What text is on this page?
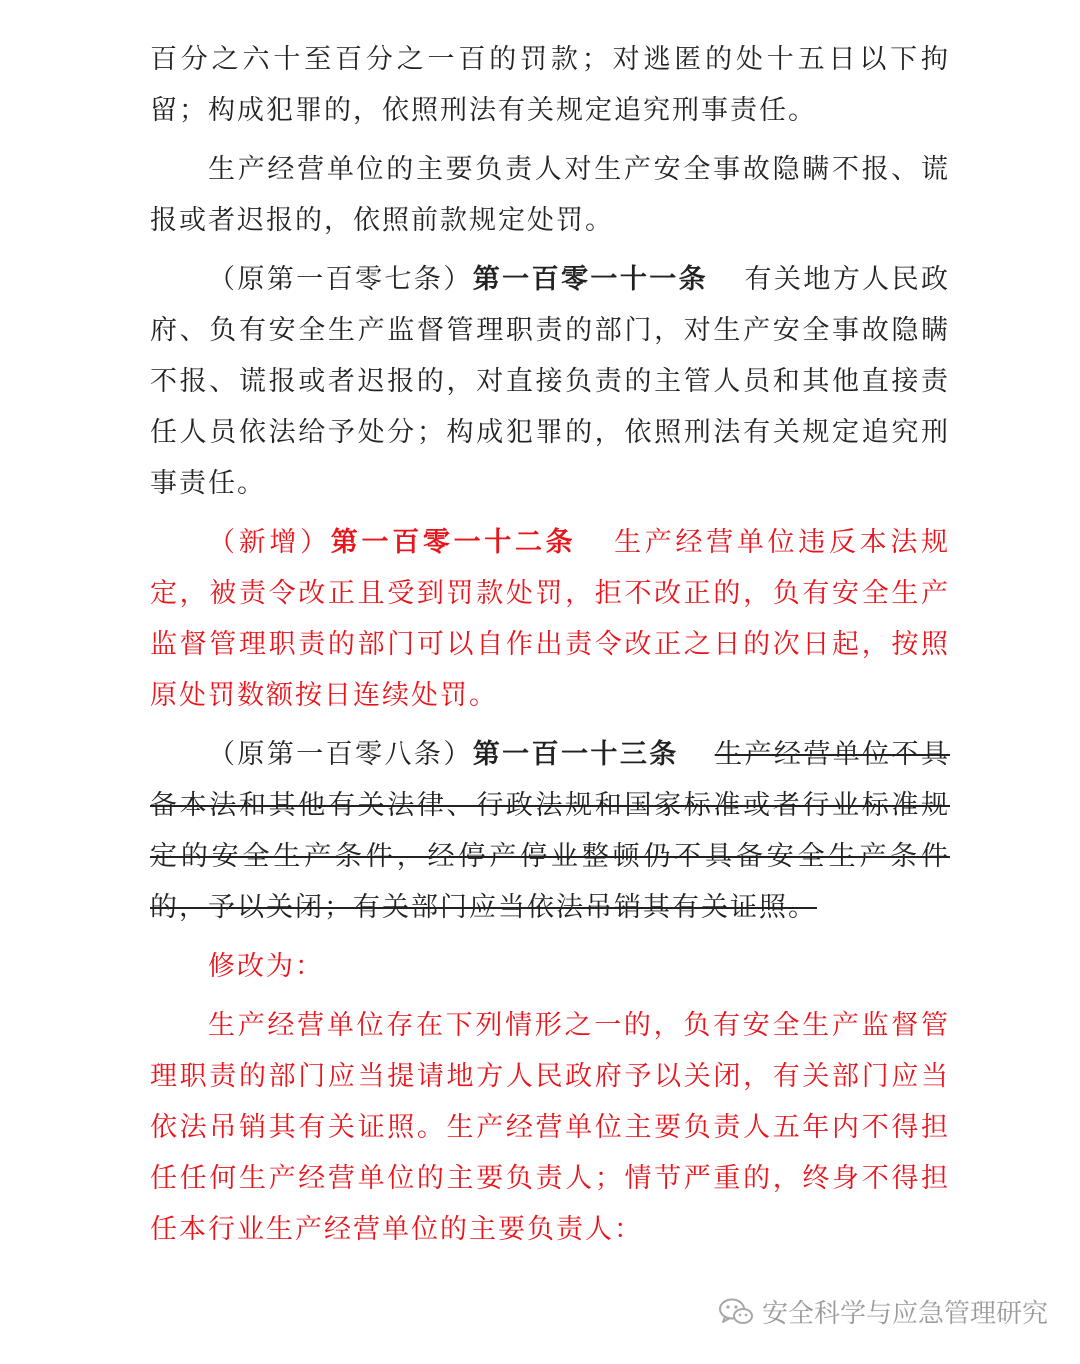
百分之六十至百分之一百的罚款；对逃匿的处十五日以下拘留；构成犯罪的，依照刑法有关规定追究刑事责任。

生产经营单位的主要负责人对生产安全事故隐瞒不报、谎报或者迟报的，依照前款规定处罚。

（原第一百零七条）第一百零一十一条 有关地方人民政府、负有安全生产监督管理职责的部门，对生产安全事故隐瞒不报、谎报或者迟报的，对直接负责的主管人员和其他直接责任人员依法给予处分；构成犯罪的，依照刑法有关规定追究刑事责任。

（新增）第一百零一十二条 生产经营单位违反本法规定，被责令改正且受到罚款处罚，拒不改正的，负有安全生产监督管理职责的部门可以自作出责令改正之日的次日起，按照原处罚数额按日连续处罚。

（原第一百零八条）第一百一十三条 生产经营单位不具备本法和其他有关法律、行政法规和国家标准或者行业标准规定的安全生产条件，经停产停业整顿仍不具备安全生产条件的，予以关闭；有关部门应当依法吊销其有关证照。

修改为：

生产经营单位存在下列情形之一的，负有安全生产监督管理职责的部门应当提请地方人民政府予以关闭，有关部门应当依法吊销其有关证照。生产经营单位主要负责人五年内不得担任任何生产经营单位的主要负责人；情节严重的，终身不得担任本行业生产经营单位的主要负责人：

安全科学与应急管理研究
